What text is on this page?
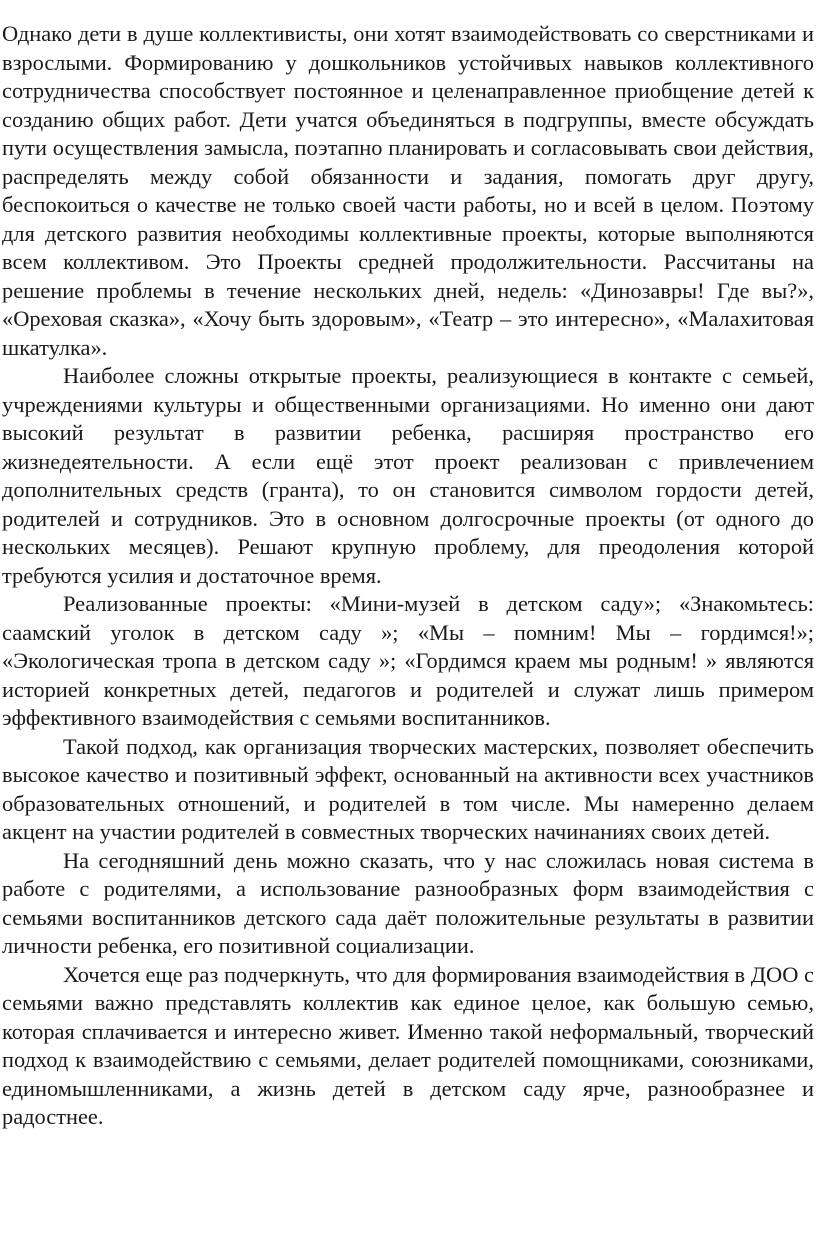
Однако дети в душе коллективисты, они хотят взаимодействовать со сверстниками и взрослыми. Формированию у дошкольников устойчивых навыков коллективного сотрудничества способствует постоянное и целенаправленное приобщение детей к созданию общих работ. Дети учатся объединяться в подгруппы, вместе обсуждать пути осуществления замысла, поэтапно планировать и согласовывать свои действия, распределять между собой обязанности и задания, помогать друг другу, беспокоиться о качестве не только своей части работы, но и всей в целом. Поэтому для детского развития необходимы коллективные проекты, которые выполняются всем коллективом. Это Проекты средней продолжительности. Рассчитаны на решение проблемы в течение нескольких дней, недель: «Динозавры! Где вы?», «Ореховая сказка», «Хочу быть здоровым», «Театр – это интересно», «Малахитовая шкатулка».

Наиболее сложны открытые проекты, реализующиеся в контакте с семьей, учреждениями культуры и общественными организациями. Но именно они дают высокий результат в развитии ребенка, расширяя пространство его жизнедеятельности. А если ещё этот проект реализован с привлечением дополнительных средств (гранта), то он становится символом гордости детей, родителей и сотрудников. Это в основном долгосрочные проекты (от одного до нескольких месяцев). Решают крупную проблему, для преодоления которой требуются усилия и достаточное время.

Реализованные проекты: «Мини-музей в детском саду»; «Знакомьтесь: саамский уголок в детском саду »; «Мы – помним! Мы – гордимся!»; «Экологическая тропа в детском саду »; «Гордимся краем мы родным! » являются историей конкретных детей, педагогов и родителей и служат лишь примером эффективного взаимодействия с семьями воспитанников.

Такой подход, как организация творческих мастерских, позволяет обеспечить высокое качество и позитивный эффект, основанный на активности всех участников образовательных отношений, и родителей в том числе. Мы намеренно делаем акцент на участии родителей в совместных творческих начинаниях своих детей.

На сегодняшний день можно сказать, что у нас сложилась новая система в работе с родителями, а использование разнообразных форм взаимодействия с семьями воспитанников детского сада даёт положительные результаты в развитии личности ребенка, его позитивной социализации.

Хочется еще раз подчеркнуть, что для формирования взаимодействия в ДОО с семьями важно представлять коллектив как единое целое, как большую семью, которая сплачивается и интересно живет. Именно такой неформальный, творческий подход к взаимодействию с семьями, делает родителей помощниками, союзниками, единомышленниками, а жизнь детей в детском саду ярче, разнообразнее и радостнее.
